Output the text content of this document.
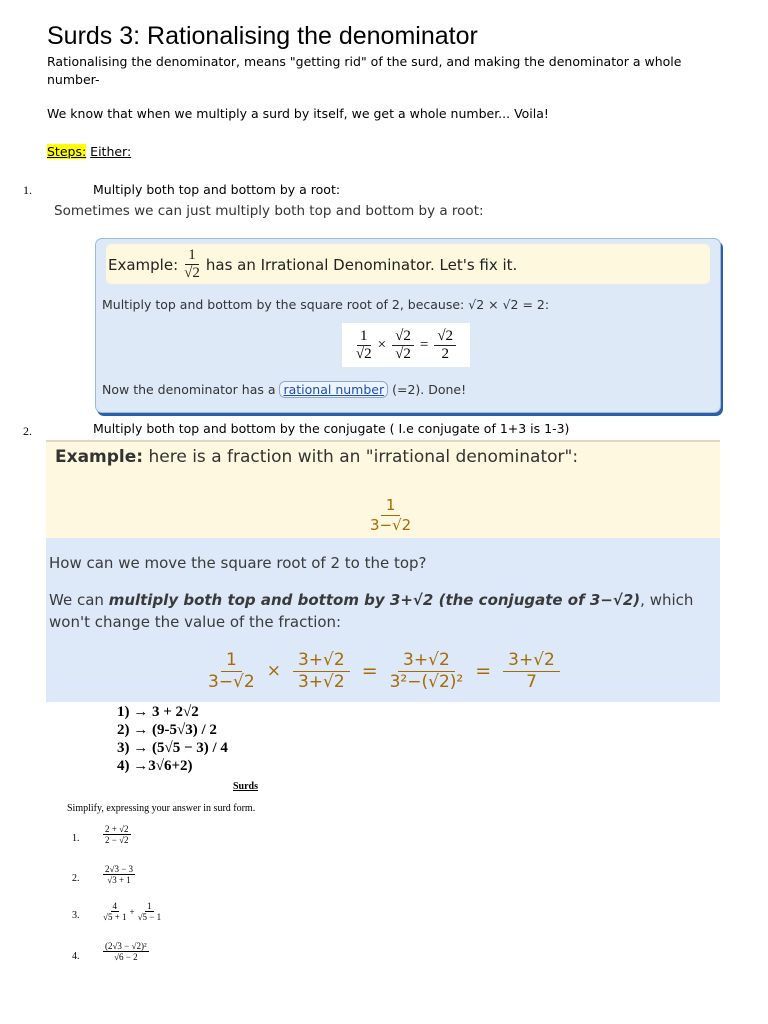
Surds 3: Rationalising the denominator
Rationalising the denominator, means "getting rid" of the surd, and making the denominator a whole number-
We know that when we multiply a surd by itself, we get a whole number... Voila!
Steps: Either:
1.	Multiply both top and bottom by a root:
Sometimes we can just multiply both top and bottom by a root:
Example: $\frac{1}{√2}$ has an Irrational Denominator. Let's fix it.
Multiply top and bottom by the square root of 2, because: √2 × √2 = 2:
$\frac{1}{√2} \times \frac{√2}{√2} = \frac{√2}{2}$
Now the denominator has a rational number (=2). Done!
2.	Multiply both top and bottom by the conjugate ( I.e conjugate of 1+3 is 1-3)
Example: here is a fraction with an "irrational denominator":
$\frac{1}{3-√2}$
How can we move the square root of 2 to the top?
We can multiply both top and bottom by 3+√2 (the conjugate of 3−√2), which
won't change the value of the fraction:
$\frac{1}{3-√2} \times \frac{3+√2}{3+√2} = \frac{3+√2}{\text{3²−(√2)²}} = \frac{3+√2}{7}$
1) → 3 + 2√2
2) → (9-5√3) / 2
3) → (5√5 − 3) / 4
4) →3√6+2)
Surds
Simplify, expressing your answer in surd form.
1.	$\frac{2 + √2}{2 - √2}$
2.	$\frac{2√3 - 3}{√3 + 1}$
3.	$\frac{4}{√5 + 1} + \frac{1}{√5 - 1}$
4.	$\frac{\text{(2√3 − √2)²}}{√6 - 2}$
